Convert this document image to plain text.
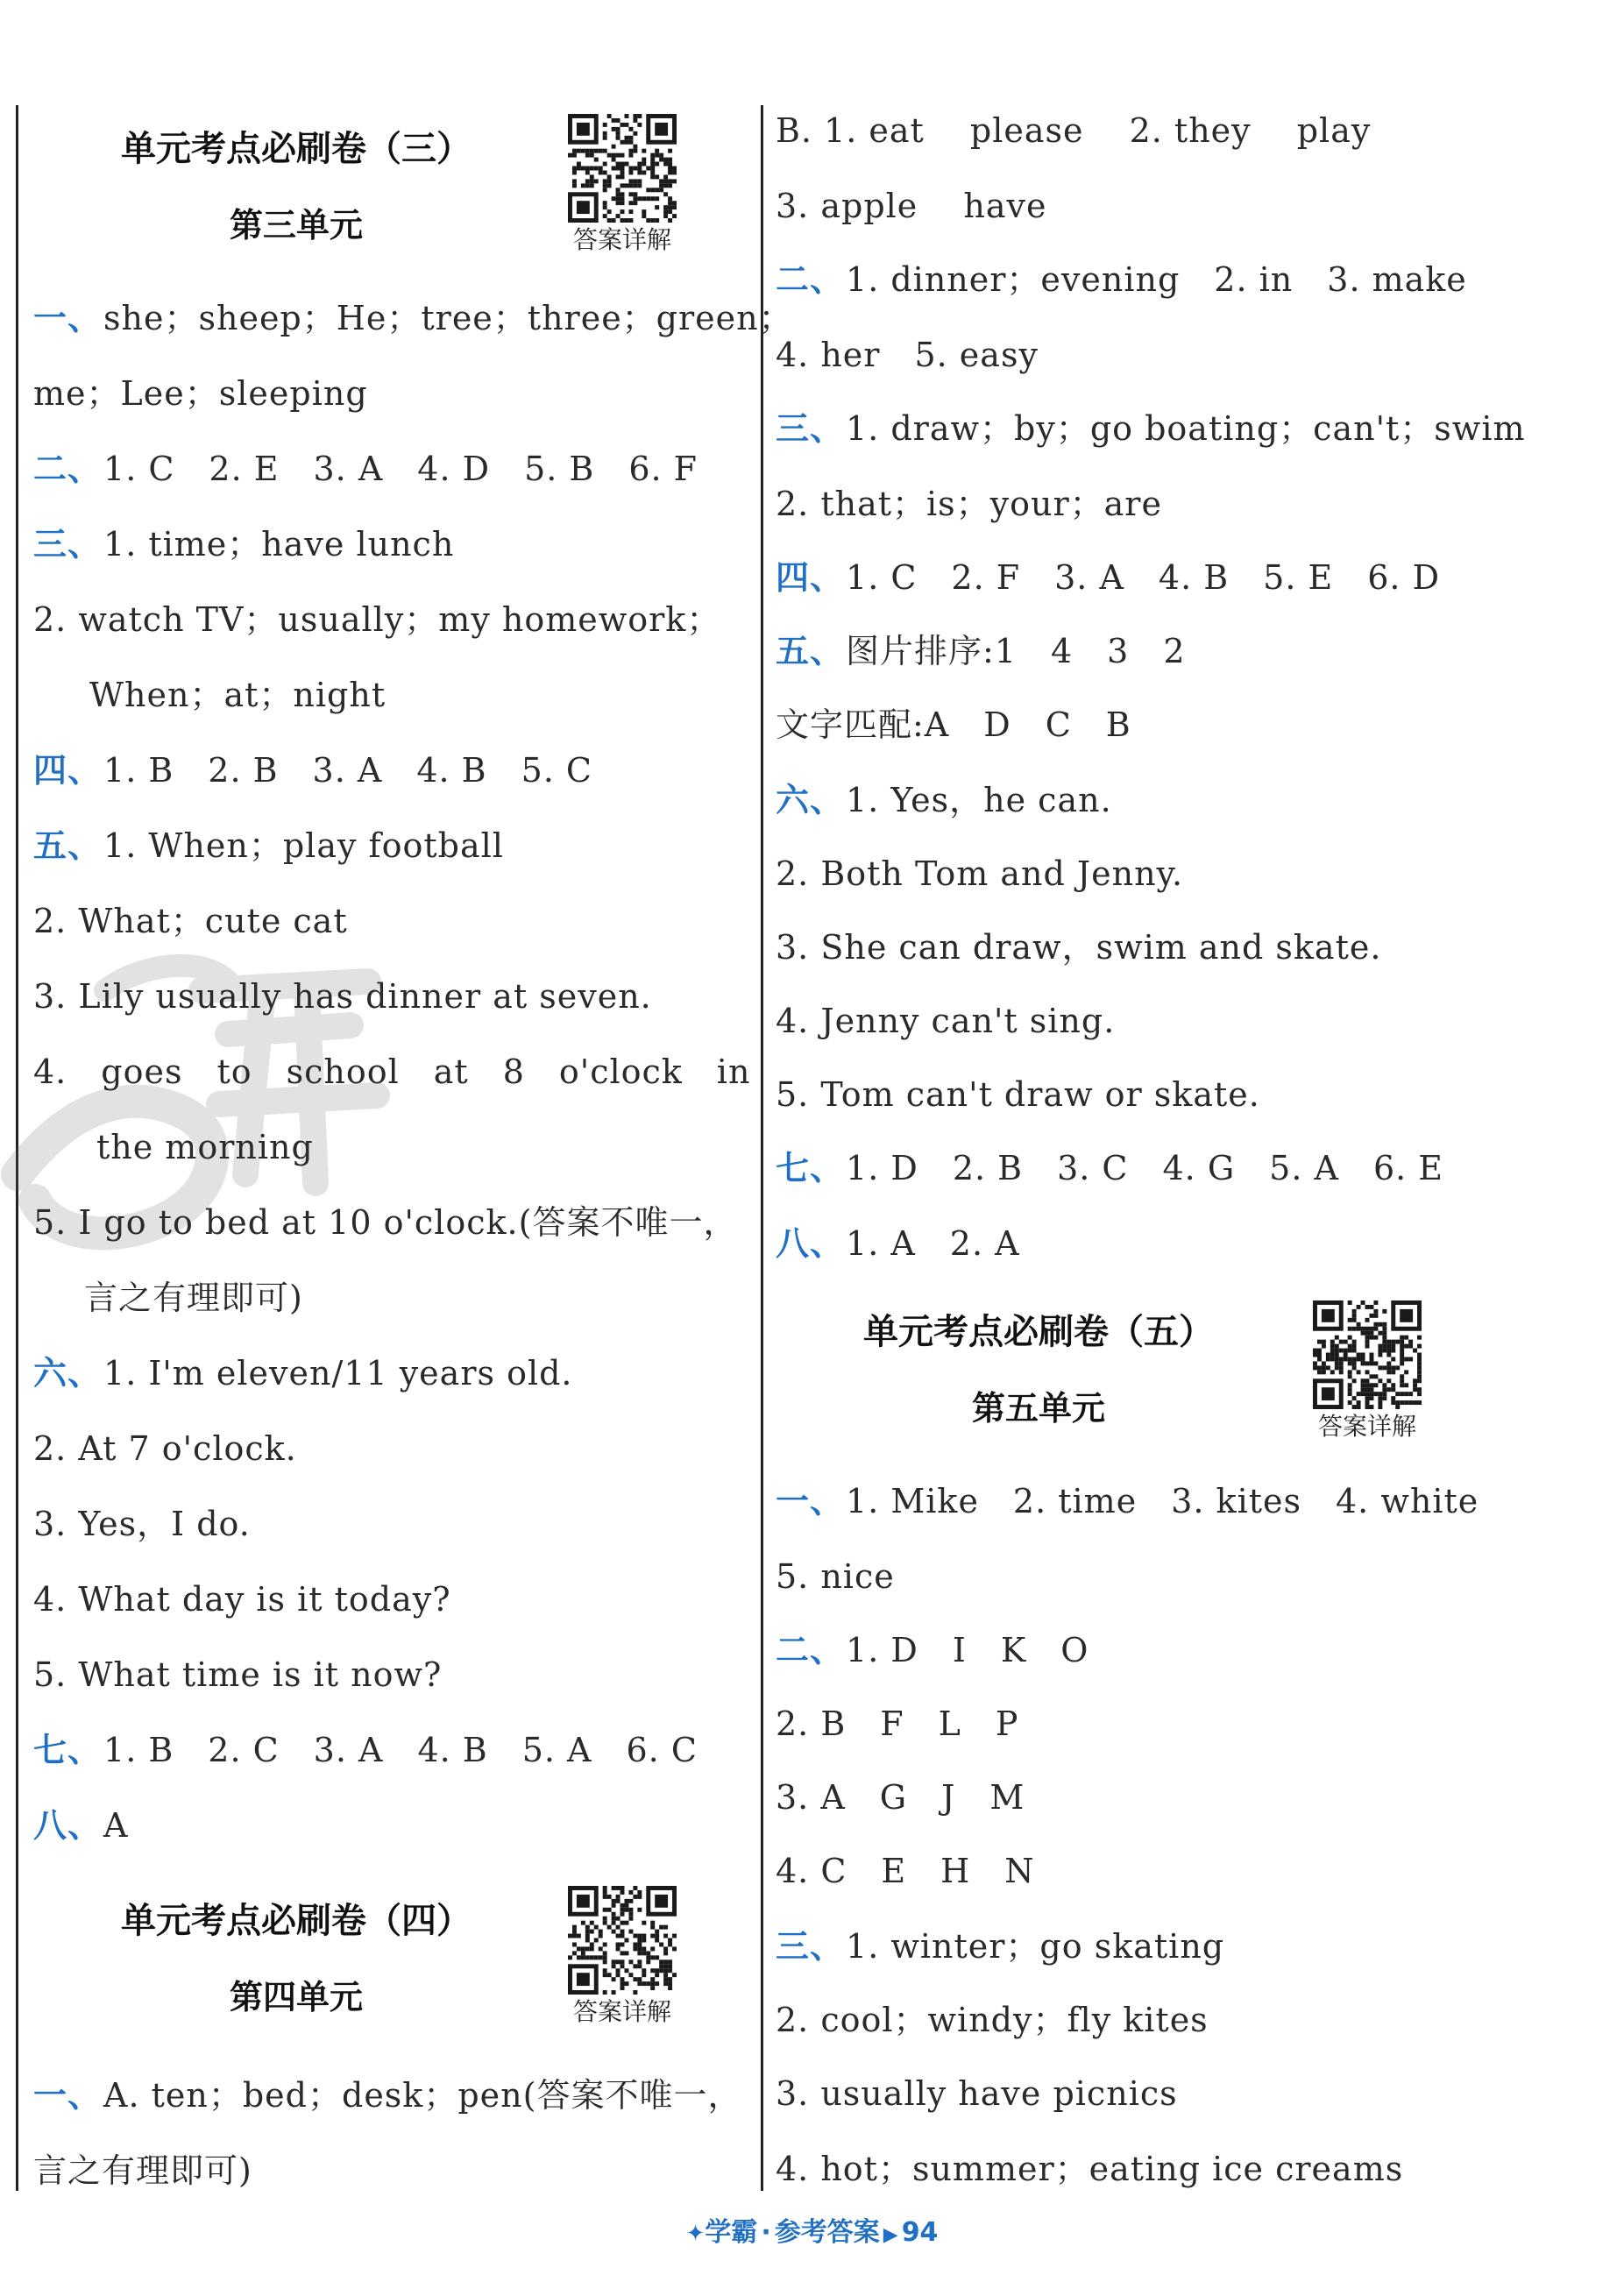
单元考点必刷卷（三）
第三单元	答案详解
一、she；sheep；He；tree；three；green；
me；Lee；sleeping
二、1. C　2. E　3. A　4. D　5. B　6. F
三、1. time；have lunch
2. watch TV；usually；my homework；
When；at；night
四、1. B　2. B　3. A　4. B　5. C
五、1. When；play football
2. What；cute cat
3. Lily usually has dinner at seven.
4.　goes　to　school　at　8　o'clock　in
the morning
5. I go to bed at 10 o'clock.(答案不唯一，
言之有理即可)
六、1. I'm eleven/11 years old.
2. At 7 o'clock.
3. Yes，I do.
4. What day is it today?
5. What time is it now?
七、1. B　2. C　3. A　4. B　5. A　6. C
八、A
单元考点必刷卷（四）
第四单元	答案详解
一、A. ten；bed；desk；pen(答案不唯一，
言之有理即可)
B. 1. eat　 please　 2. they　 play
3. apple　 have
二、1. dinner；evening　2. in　3. make
4. her　5. easy
三、1. draw；by；go boating；can't；swim
2. that；is；your；are
四、1. C　2. F　3. A　4. B　5. E　6. D
五、图片排序:1　4　3　2
文字匹配:A　D　C　B
六、1. Yes，he can.
2. Both Tom and Jenny.
3. She can draw，swim and skate.
4. Jenny can't sing.
5. Tom can't draw or skate.
七、1. D　2. B　3. C　4. G　5. A　6. E
八、1. A　2. A
单元考点必刷卷（五）
第五单元	答案详解
一、1. Mike　2. time　3. kites　4. white
5. nice
二、1. D　I　K　O
2. B　F　L　P
3. A　G　J　M
4. C　E　H　N
三、1. winter；go skating
2. cool；windy；fly kites
3. usually have picnics
4. hot；summer；eating ice creams
✦学霸 · 参考答案 ▶ 94
